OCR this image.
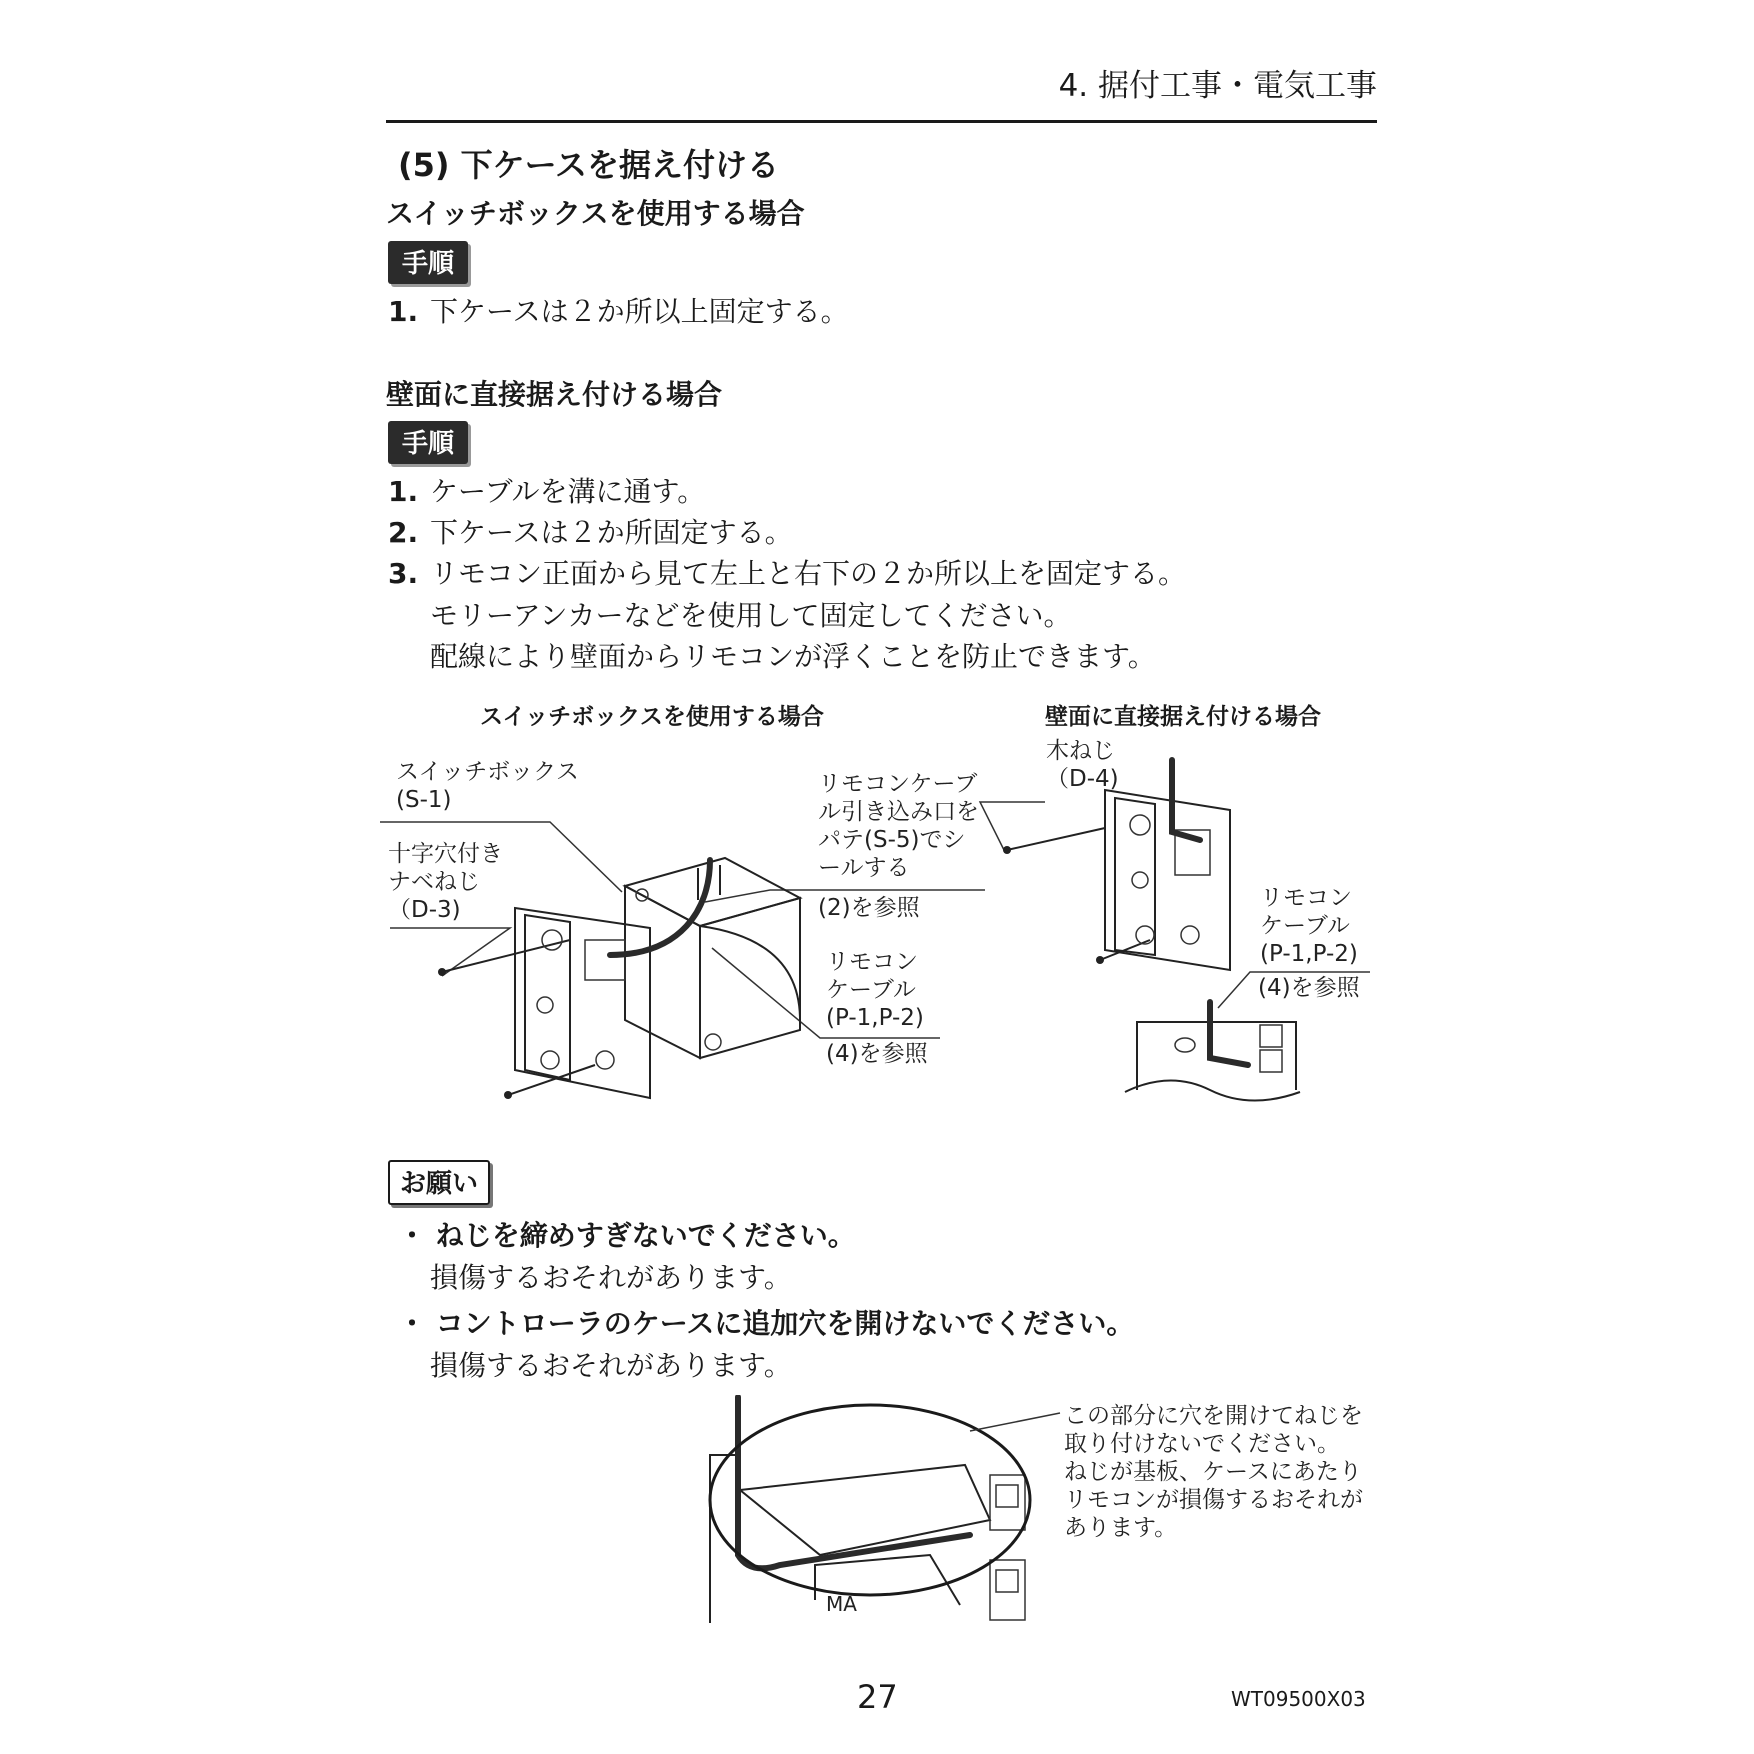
4. 据付工事・電気工事
(5) 下ケースを据え付ける
スイッチボックスを使用する場合
手順
1. 下ケースは２か所以上固定する。
壁面に直接据え付ける場合
手順
1. ケーブルを溝に通す。
2. 下ケースは２か所固定する。
3. リモコン正面から見て左上と右下の２か所以上を固定する。
モリーアンカーなどを使用して固定してください。
配線により壁面からリモコンが浮くことを防止できます。
スイッチボックスを使用する場合	壁面に直接据え付ける場合
スイッチボックス
(S-1)
十字穴付き
ナベねじ
（D-3)
リモコンケーブ
ル引き込み口を
パテ(S-5)でシ
ールする
(2)を参照
リモコン
ケーブル
(P-1,P-2)
(4)を参照
木ねじ
（D-4)
リモコン
ケーブル
(P-1,P-2)
(4)を参照
お願い
・ ねじを締めすぎないでください。
損傷するおそれがあります。
・ コントローラのケースに追加穴を開けないでください。
損傷するおそれがあります。
MA
この部分に穴を開けてねじを
取り付けないでください。
ねじが基板、ケースにあたり
リモコンが損傷するおそれが
あります。
27	WT09500X03
